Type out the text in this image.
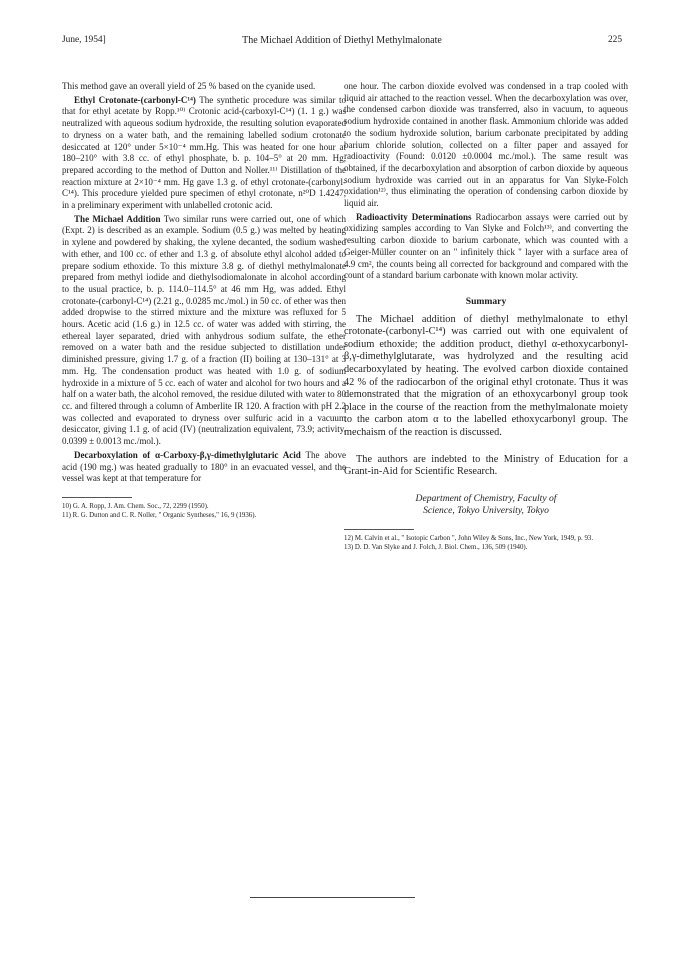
June, 1954]	The Michael Addition of Diethyl Methylmalonate	225

This method gave an overall yield of 25 % based on the cyanide used.

Ethyl Crotonate-(carbonyl-C¹⁴) The synthetic procedure was similar to that for ethyl acetate by Ropp.¹⁰⁾ Crotonic acid-(carboxyl-C¹⁴) (1. 1 g.) was neutralized with aqueous sodium hydroxide, the resulting solution evaporated to dryness on a water bath, and the remaining labelled sodium crotonate desiccated at 120° under 5×10⁻⁴ mm.Hg. This was heated for one hour at 180–210° with 3.8 cc. of ethyl phosphate, b. p. 104–5° at 20 mm. Hg, prepared according to the method of Dutton and Noller.¹¹⁾ Distillation of the reaction mixture at 2×10⁻⁴ mm. Hg gave 1.3 g. of ethyl crotonate-(carbonyl-C¹⁴). This procedure yielded pure specimen of ethyl crotonate, n²⁰D 1.4247, in a preliminary experiment with unlabelled crotonic acid.

The Michael Addition Two similar runs were carried out, one of which (Expt. 2) is described as an example. Sodium (0.5 g.) was melted by heating in xylene and powdered by shaking, the xylene decanted, the sodium washed with ether, and 100 cc. of ether and 1.3 g. of absolute ethyl alcohol added to prepare sodium ethoxide. To this mixture 3.8 g. of diethyl methylmalonate prepared from methyl iodide and diethylsodiomalonate in alcohol according to the usual practice, b. p. 114.0–114.5° at 46 mm Hg, was added. Ethyl crotonate-(carbonyl-C¹⁴) (2.21 g., 0.0285 mc./mol.) in 50 cc. of ether was then added dropwise to the stirred mixture and the mixture was refluxed for 5 hours. Acetic acid (1.6 g.) in 12.5 cc. of water was added with stirring, the ethereal layer separated, dried with anhydrous sodium sulfate, the ether removed on a water bath and the residue subjected to distillation under diminished pressure, giving 1.7 g. of a fraction (II) boiling at 130–131° at 3 mm. Hg. The condensation product was heated with 1.0 g. of sodium hydroxide in a mixture of 5 cc. each of water and alcohol for two hours and a half on a water bath, the alcohol removed, the residue diluted with water to 80 cc. and filtered through a column of Amberlite IR 120. A fraction with pH 2.2 was collected and evaporated to dryness over sulfuric acid in a vacuum desiccator, giving 1.1 g. of acid (IV) (neutralization equivalent, 73.9; activity, 0.0399 ± 0.0013 mc./mol.).

Decarboxylation of α-Carboxy-β,γ-dimethylglutaric Acid The above acid (190 mg.) was heated gradually to 180° in an evacuated vessel, and the vessel was kept at that temperature for

10) G. A. Ropp, J. Am. Chem. Soc., 72, 2299 (1950).
11) R. G. Dutton and C. R. Noller, " Organic Syntheses," 16, 9 (1936).

one hour. The carbon dioxide evolved was condensed in a trap cooled with liquid air attached to the reaction vessel. When the decarboxylation was over, the condensed carbon dioxide was transferred, also in vacuum, to aqueous sodium hydroxide contained in another flask. Ammonium chloride was added to the sodium hydroxide solution, barium carbonate precipitated by adding barium chloride solution, collected on a filter paper and assayed for radioactivity (Found: 0.0120 ±0.0004 mc./mol.). The same result was obtained, if the decarboxylation and absorption of carbon dioxide by aqueous sodium hydroxide was carried out in an apparatus for Van Slyke-Folch oxidation¹²⁾, thus eliminating the operation of condensing carbon dioxide by liquid air.

Radioactivity Determinations Radiocarbon assays were carried out by oxidizing samples according to Van Slyke and Folch¹³⁾, and converting the resulting carbon dioxide to barium carbonate, which was counted with a Geiger-Müller counter on an " infinitely thick " layer with a surface area of 4.9 cm², the counts being all corrected for background and compared with the count of a standard barium carbonate with known molar activity.

Summary

The Michael addition of diethyl methylmalonate to ethyl crotonate-(carbonyl-C¹⁴) was carried out with one equivalent of sodium ethoxide; the addition product, diethyl α-ethoxycarbonyl-β,γ-dimethylglutarate, was hydrolyzed and the resulting acid decarboxylated by heating. The evolved carbon dioxide contained 42 % of the radiocarbon of the original ethyl crotonate. Thus it was demonstrated that the migration of an ethoxycarbonyl group took place in the course of the reaction from the methylmalonate moiety to the carbon atom α to the labelled ethoxycarbonyl group. The mechaism of the reaction is discussed.

The authors are indebted to the Ministry of Education for a Grant-in-Aid for Scientific Research.

Department of Chemistry, Faculty of
Science, Tokyo University, Tokyo
12) M. Calvin et al., " Isotopic Carbon ", John Wiley & Sons, Inc., New York, 1949, p. 93.
13) D. D. Van Slyke and J. Folch, J. Biol. Chem., 136, 509 (1940).
